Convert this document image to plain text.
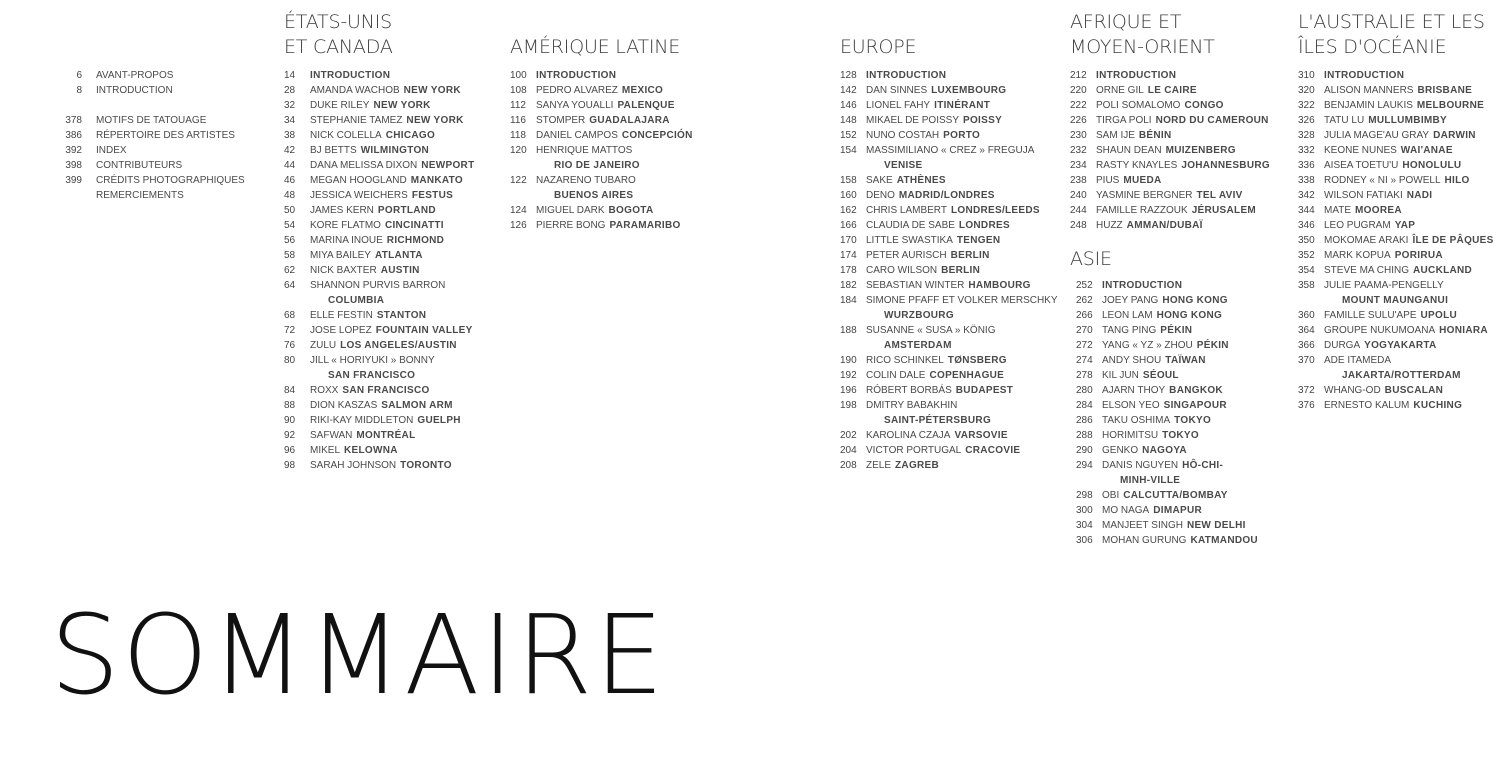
6	AVANT-PROPOS
8	INTRODUCTION
378	MOTIFS DE TATOUAGE
386	RÉPERTOIRE DES ARTISTES
392	INDEX
398	CONTRIBUTEURS
399	CRÉDITS PHOTOGRAPHIQUES
REMERCIEMENTS
ÉTATS-UNIS
ET CANADA
14	INTRODUCTION
28	AMANDA WACHOB NEW YORK
32	DUKE RILEY NEW YORK
34	STEPHANIE TAMEZ NEW YORK
38	NICK COLELLA CHICAGO
42	BJ BETTS WILMINGTON
44	DANA MELISSA DIXON NEWPORT
46	MEGAN HOOGLAND MANKATO
48	JESSICA WEICHERS FESTUS
50	JAMES KERN PORTLAND
54	KORE FLATMO CINCINATTI
56	MARINA INOUE RICHMOND
58	MIYA BAILEY ATLANTA
62	NICK BAXTER AUSTIN
64	SHANNON PURVIS BARRON
COLUMBIA
68	ELLE FESTIN STANTON
72	JOSE LOPEZ FOUNTAIN VALLEY
76	ZULU LOS ANGELES/AUSTIN
80	JILL « HORIYUKI » BONNY
SAN FRANCISCO
84	ROXX SAN FRANCISCO
88	DION KASZAS SALMON ARM
90	RIKI-KAY MIDDLETON GUELPH
92	SAFWAN MONTRÉAL
96	MIKEL KELOWNA
98	SARAH JOHNSON TORONTO
AMÉRIQUE LATINE
100 INTRODUCTION
108 PEDRO ALVAREZ MEXICO
112	SANYA YOUALLI PALENQUE
116	STOMPER GUADALAJARA
118	DANIEL CAMPOS CONCEPCIÓN
120 HENRIQUE MATTOS
RIO DE JANEIRO
122 NAZARENO TUBARO
BUENOS AIRES
124 MIGUEL DARK BOGOTA
126 PIERRE BONG PARAMARIBO
EUROPE
128 INTRODUCTION
142 DAN SINNES LUXEMBOURG
146 LIONEL FAHY ITINÉRANT
148 MIKAEL DE POISSY POISSY
152 NUNO COSTAH PORTO
154 MASSIMILIANO « CREZ » FREGUJA
VENISE
158 SAKE ATHÈNES
160 DENO MADRID/LONDRES
162 CHRIS LAMBERT LONDRES/LEEDS
166 CLAUDIA DE SABE LONDRES
170 LITTLE SWASTIKA TENGEN
174 PETER AURISCH BERLIN
178 CARO WILSON BERLIN
182 SEBASTIAN WINTER HAMBOURG
184 SIMONE PFAFF ET VOLKER MERSCHKY
WURZBOURG
188 SUSANNE « SUSA » KÖNIG
AMSTERDAM
190 RICO SCHINKEL TØNSBERG
192 COLIN DALE COPENHAGUE
196 RÓBERT BORBÁS BUDAPEST
198 DMITRY BABAKHIN
SAINT-PÉTERSBURG
202 KAROLINA CZAJA VARSOVIE
204 VICTOR PORTUGAL CRACOVIE
208 ZELE ZAGREB
AFRIQUE ET
MOYEN-ORIENT
212 INTRODUCTION
220 ORNE GIL LE CAIRE
222 POLI SOMALOMO CONGO
226 TIRGA POLI NORD DU CAMEROUN
230 SAM IJE BÉNIN
232 SHAUN DEAN MUIZENBERG
234 RASTY KNAYLES JOHANNESBURG
238 PIUS MUEDA
240 YASMINE BERGNER TEL AVIV
244 FAMILLE RAZZOUK JÉRUSALEM
248 HUZZ AMMAN/DUBAÏ
ASIE
252 INTRODUCTION
262 JOEY PANG HONG KONG
266 LEON LAM HONG KONG
270 TANG PING PÉKIN
272 YANG « YZ » ZHOU PÉKIN
274 ANDY SHOU TAÏWAN
278 KIL JUN SÉOUL
280 AJARN THOY BANGKOK
284 ELSON YEO SINGAPOUR
286 TAKU OSHIMA TOKYO
288 HORIMITSU TOKYO
290 GENKO NAGOYA
294 DANIS NGUYEN HÔ-CHI-
MINH-VILLE
298 OBI CALCUTTA/BOMBAY
300 MO NAGA DIMAPUR
304 MANJEET SINGH NEW DELHI
306 MOHAN GURUNG KATMANDOU
L'AUSTRALIE ET LES
ÎLES D'OCÉANIE
310 INTRODUCTION
320 ALISON MANNERS BRISBANE
322 BENJAMIN LAUKIS MELBOURNE
326 TATU LU MULLUMBIMBY
328 JULIA MAGE'AU GRAY DARWIN
332 KEONE NUNES WAI'ANAE
336 AISEA TOETU'U HONOLULU
338 RODNEY « NI » POWELL HILO
342 WILSON FATIAKI NADI
344 MATE MOOREA
346 LEO PUGRAM YAP
350 MOKOMAE ARAKI ÎLE DE PÂQUES
352 MARK KOPUA PORIRUA
354 STEVE MA CHING AUCKLAND
358 JULIE PAAMA-PENGELLY
MOUNT MAUNGANUI
360 FAMILLE SULU'APE UPOLU
364 GROUPE NUKUMOANA HONIARA
366 DURGA YOGYAKARTA
370 ADE ITAMEDA
JAKARTA/ROTTERDAM
372 WHANG-OD BUSCALAN
376 ERNESTO KALUM KUCHING
SOMMAIRE
